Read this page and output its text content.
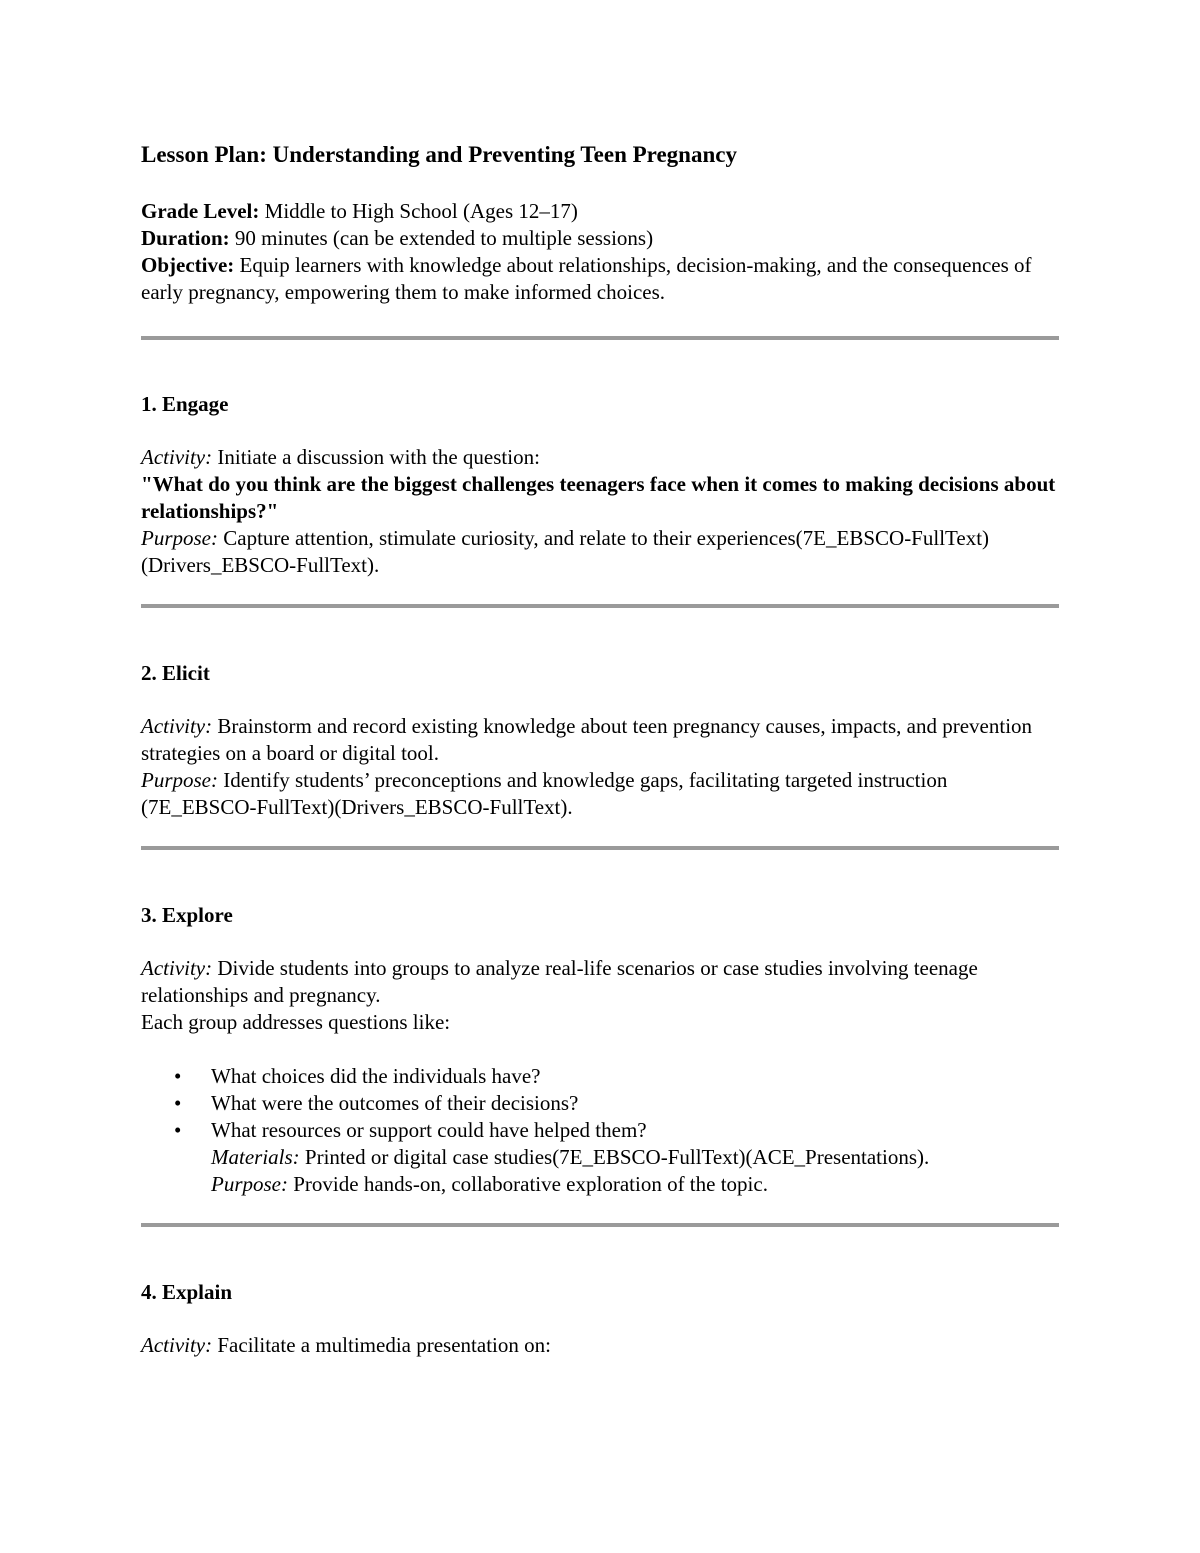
Lesson Plan: Understanding and Preventing Teen Pregnancy

Grade Level: Middle to High School (Ages 12–17)

Duration: 90 minutes (can be extended to multiple sessions)

Objective: Equip learners with knowledge about relationships, decision-making, and the consequences of early pregnancy, empowering them to make informed choices.

1. Engage

Activity: Initiate a discussion with the question:

"What do you think are the biggest challenges teenagers face when it comes to making decisions about relationships?"

Purpose: Capture attention, stimulate curiosity, and relate to their experiences(7E_EBSCO-FullText)(Drivers_EBSCO-FullText).

2. Elicit

Activity: Brainstorm and record existing knowledge about teen pregnancy causes, impacts, and prevention strategies on a board or digital tool.

Purpose: Identify students’ preconceptions and knowledge gaps, facilitating targeted instruction (7E_EBSCO-FullText)(Drivers_EBSCO-FullText).

3. Explore

Activity: Divide students into groups to analyze real-life scenarios or case studies involving teenage relationships and pregnancy.

Each group addresses questions like:

• What choices did the individuals have?
• What were the outcomes of their decisions?
• What resources or support could have helped them?

Materials: Printed or digital case studies(7E_EBSCO-FullText)(ACE_Presentations).

Purpose: Provide hands-on, collaborative exploration of the topic.

4. Explain

Activity: Facilitate a multimedia presentation on:
